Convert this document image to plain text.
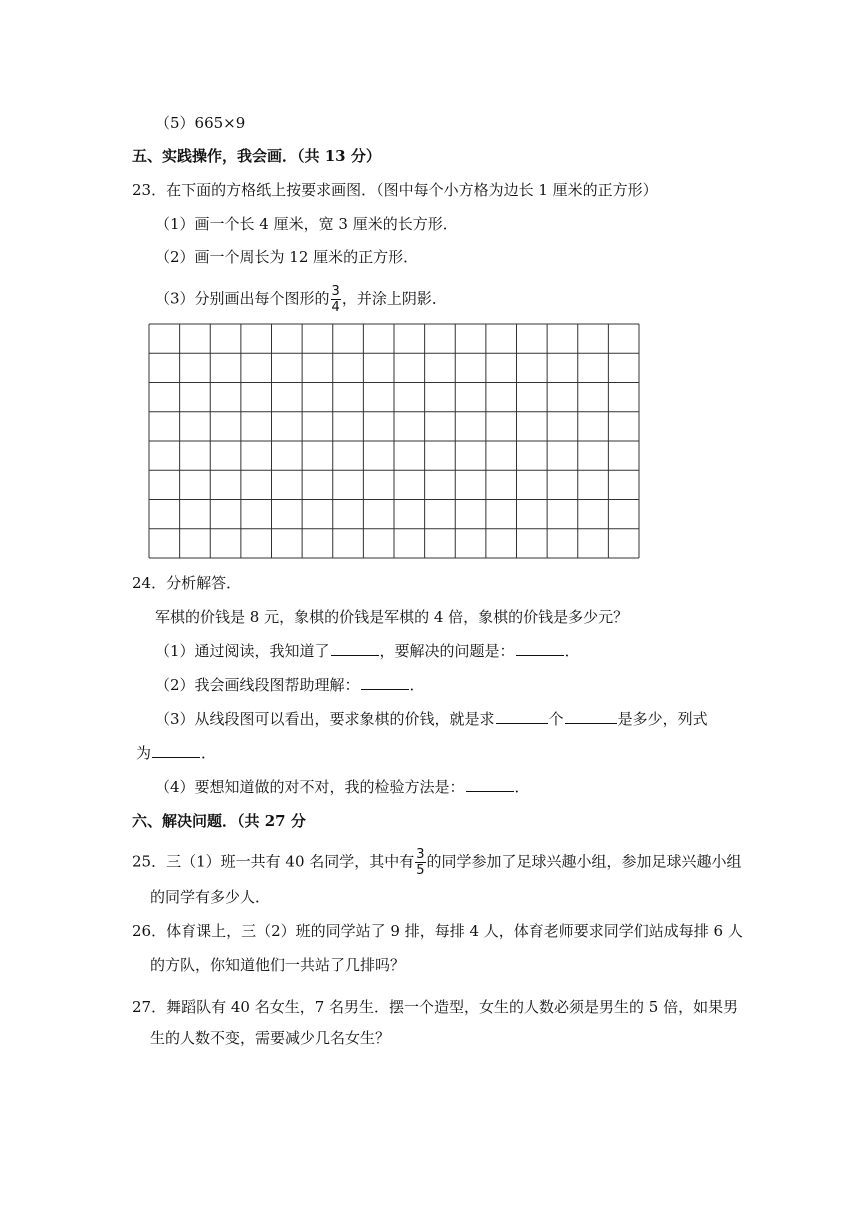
（5）665×9
五、实践操作，我会画．（共 13 分）
23．在下面的方格纸上按要求画图．（图中每个小方格为边长 1 厘米的正方形）
（1）画一个长 4 厘米，宽 3 厘米的长方形．
（2）画一个周长为 12 厘米的正方形．
（3）分别画出每个图形的 $\frac{3}{4}$ ，并涂上阴影．
24．分析解答．
军棋的价钱是 8 元，象棋的价钱是军棋的 4 倍，象棋的价钱是多少元？
（1）通过阅读，我知道了	，要解决的问题是：	．
（2）我会画线段图帮助理解：	．
（3）从线段图可以看出，要求象棋的价钱，就是求	个	是多少，列式
为	．
（4）要想知道做的对不对，我的检验方法是：	．
六、解决问题．（共 27 分
25．三（1）班一共有 40 名同学，其中有 $\frac{3}{5}$ 的同学参加了足球兴趣小组，参加足球兴趣小组
的同学有多少人．
26．体育课上，三（2）班的同学站了 9 排，每排 4 人，体育老师要求同学们站成每排 6 人
的方队，你知道他们一共站了几排吗？
27．舞蹈队有 40 名女生，7 名男生．摆一个造型，女生的人数必须是男生的 5 倍，如果男
生的人数不变，需要减少几名女生？
